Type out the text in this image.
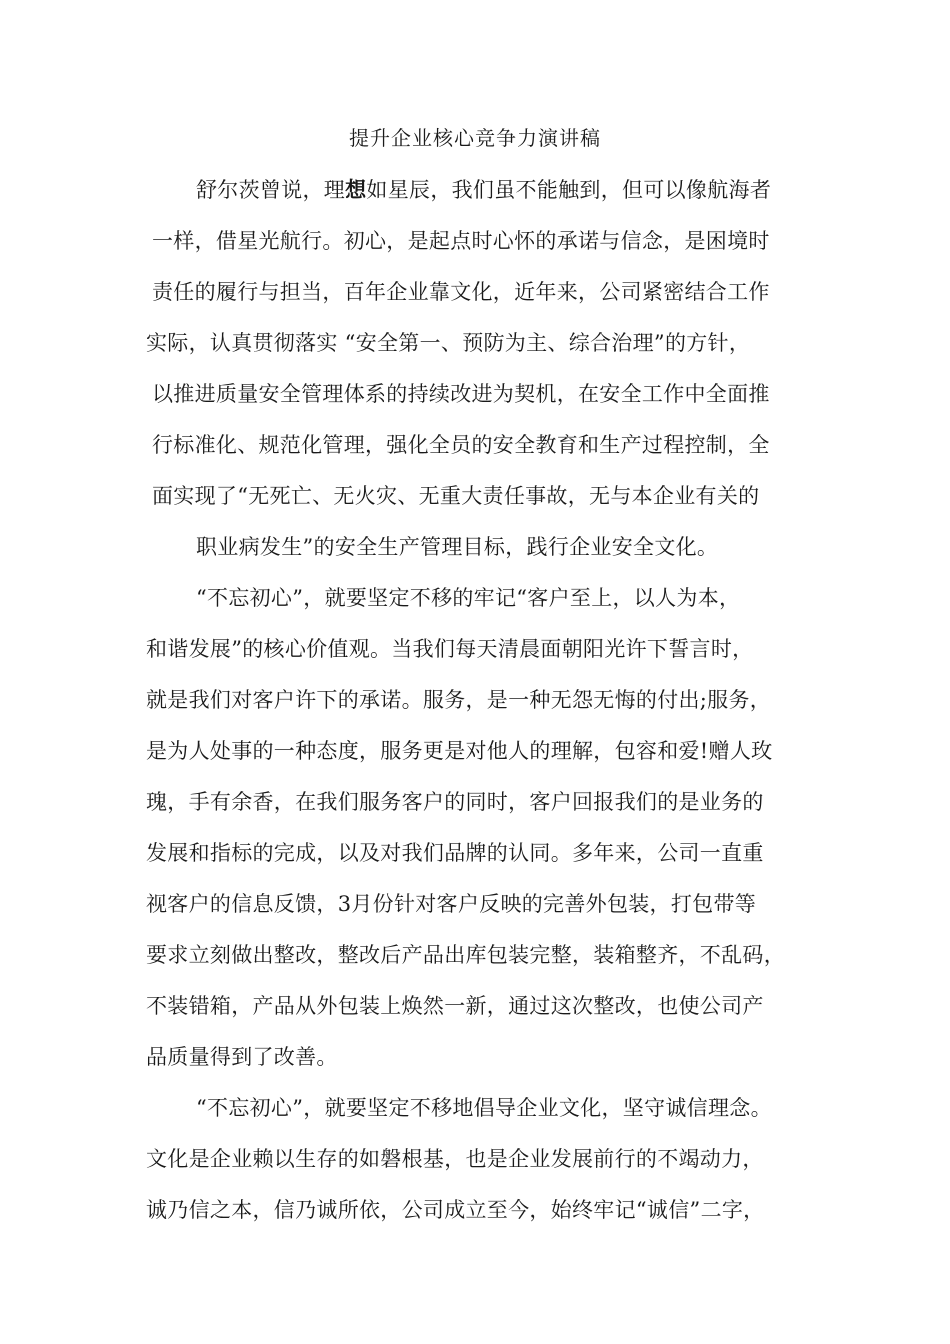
提升企业核心竞争力演讲稿
舒尔茨曾说，理想如星辰，我们虽不能触到，但可以像航海者
一样，借星光航行。初心，是起点时心怀的承诺与信念，是困境时
责任的履行与担当，百年企业靠文化，近年来，公司紧密结合工作
实际，认真贯彻落实 “安全第一、预防为主、综合治理”的方针，
以推进质量安全管理体系的持续改进为契机，在安全工作中全面推
行标准化、规范化管理，强化全员的安全教育和生产过程控制，全
面实现了“无死亡、无火灾、无重大责任事故，无与本企业有关的
职业病发生”的安全生产管理目标，践行企业安全文化。
“不忘初心”，就要坚定不移的牢记“客户至上，以人为本，
和谐发展”的核心价值观。当我们每天清晨面朝阳光许下誓言时，
就是我们对客户许下的承诺。服务，是一种无怨无悔的付出;服务，
是为人处事的一种态度，服务更是对他人的理解，包容和爱!赠人玫
瑰，手有余香，在我们服务客户的同时，客户回报我们的是业务的
发展和指标的完成，以及对我们品牌的认同。多年来，公司一直重
视客户的信息反馈，3月份针对客户反映的完善外包装，打包带等
要求立刻做出整改，整改后产品出库包装完整，装箱整齐，不乱码，
不装错箱，产品从外包装上焕然一新，通过这次整改，也使公司产
品质量得到了改善。
“不忘初心”，就要坚定不移地倡导企业文化，坚守诚信理念。
文化是企业赖以生存的如磐根基，也是企业发展前行的不竭动力，
诚乃信之本，信乃诚所依，公司成立至今，始终牢记“诚信”二字，
